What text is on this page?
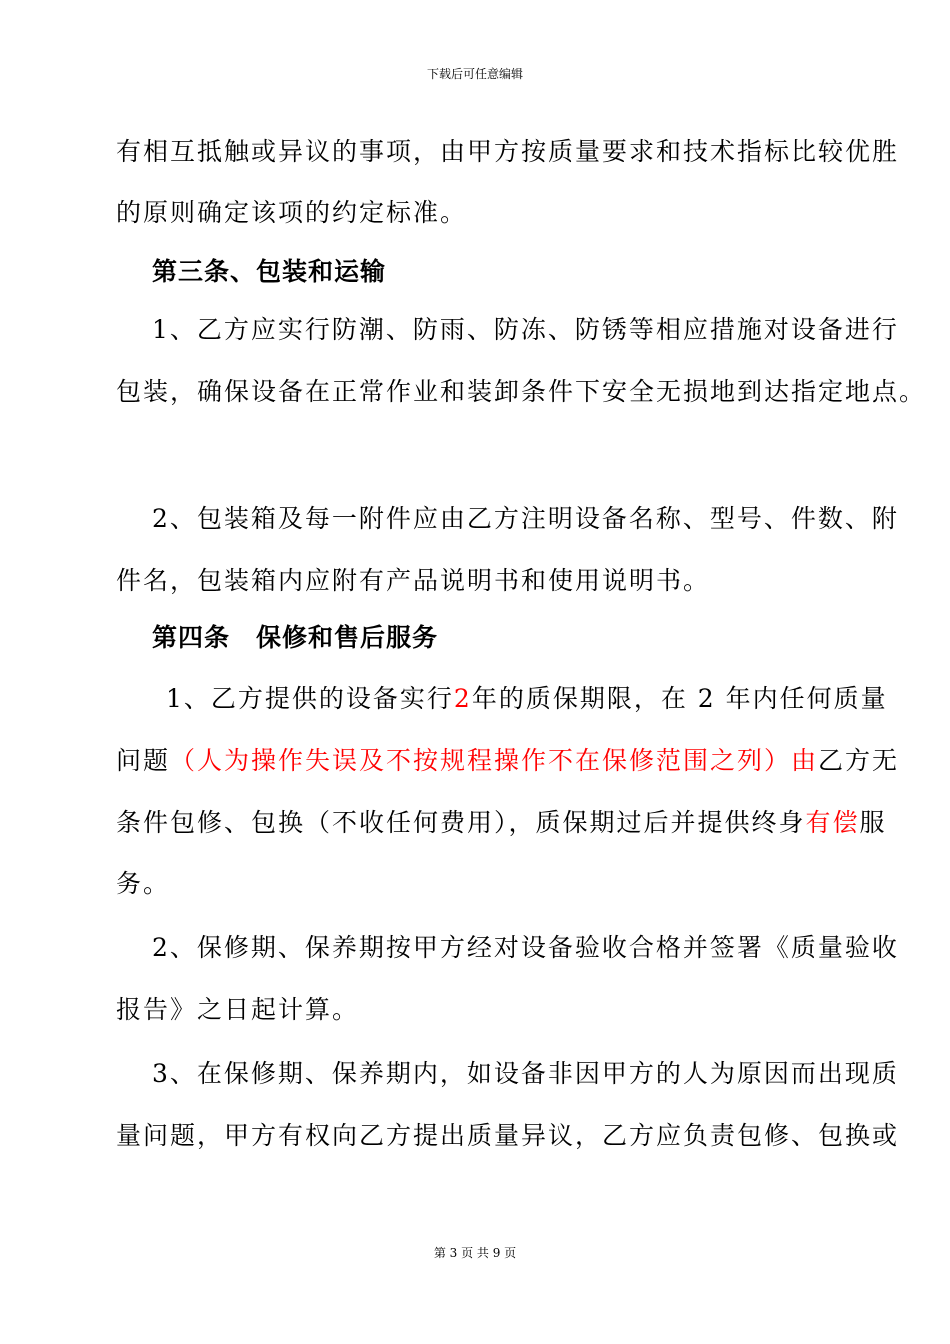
下载后可任意编辑
有相互抵触或异议的事项，由甲方按质量要求和技术指标比较优胜
的原则确定该项的约定标准。
第三条、包装和运输
1、乙方应实行防潮、防雨、防冻、防锈等相应措施对设备进行
包装，确保设备在正常作业和装卸条件下安全无损地到达指定地点。
2、包装箱及每一附件应由乙方注明设备名称、型号、件数、附
件名，包装箱内应附有产品说明书和使用说明书。
第四条　保修和售后服务
1、乙方提供的设备实行2年的质保期限，在 2 年内任何质量
问题（人为操作失误及不按规程操作不在保修范围之列）由乙方无
条件包修、包换（不收任何费用），质保期过后并提供终身有偿服
务。
2、保修期、保养期按甲方经对设备验收合格并签署《质量验收
报告》之日起计算。
3、在保修期、保养期内，如设备非因甲方的人为原因而出现质
量问题，甲方有权向乙方提出质量异议，乙方应负责包修、包换或
第 3 页 共 9 页
